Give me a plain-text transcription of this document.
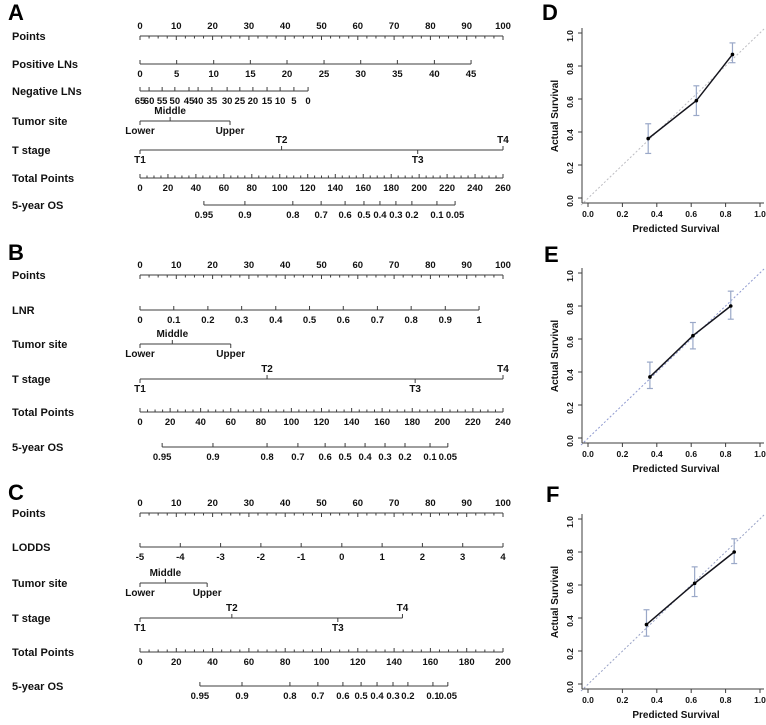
A
B
C
D
E
F
Points
0	10	20	30	40	50	60	70	80	90 100
Positive LNs
0	5	10	15	20	25	30	35	40	45
Negative LNs
65
60 55 50 45
40 35 30 25 20 15 10 5 0
Tumor site
Lower
Middle
Upper
T stage
T1
T2
T3
T4
Total Points
0 20 40 60 80 100 120 140 160 180 200 220 240 260
5-year OS
0.95	0.9	0.8 0.7 0.6 0.5 0.4 0.3 0.2 0.1 0.05
Points
0	10	20	30	40	50	60	70	80	90 100
LNR
0	0.1 0.2 0.3 0.4 0.5 0.6 0.7 0.8 0.9	1
Tumor site
Lower
Middle
Upper
T stage
T1
T2
T3
T4
Total Points
0 20 40 60 80 100 120 140 160 180 200 220 240
5-year OS
0.95	0.9	0.8 0.7 0.6 0.5 0.4 0.3 0.2 0.1 0.05
Points
0	10	20	30	40	50	60	70	80	90 100
LODDS
-5	-4	-3	-2	-1	0	1	2	3	4
Tumor site
Lower
Middle
Upper
T stage
T1
T2
T3
T4
Total Points
0	20	40	60	80 100 120 140 160 180 200
5-year OS
0.95	0.9	0.8 0.7 0.6 0.5 0.4 0.3 0.2 0.1 0.05
0.0
0.0
0.2
0.2
0.4
0.4
0.6
0.6
0.8
0.8
1.0
1.0
Predicted Survival
Actual Survival
0.0
0.0
0.2
0.2
0.4
0.4
0.6
0.6
0.8
0.8
1.0
1.0
Predicted Survival
Actual Survival
0.0
0.0
0.2
0.2
0.4
0.4
0.6
0.6
0.8
0.8
1.0
1.0
Predicted Survival
Actual Survival
